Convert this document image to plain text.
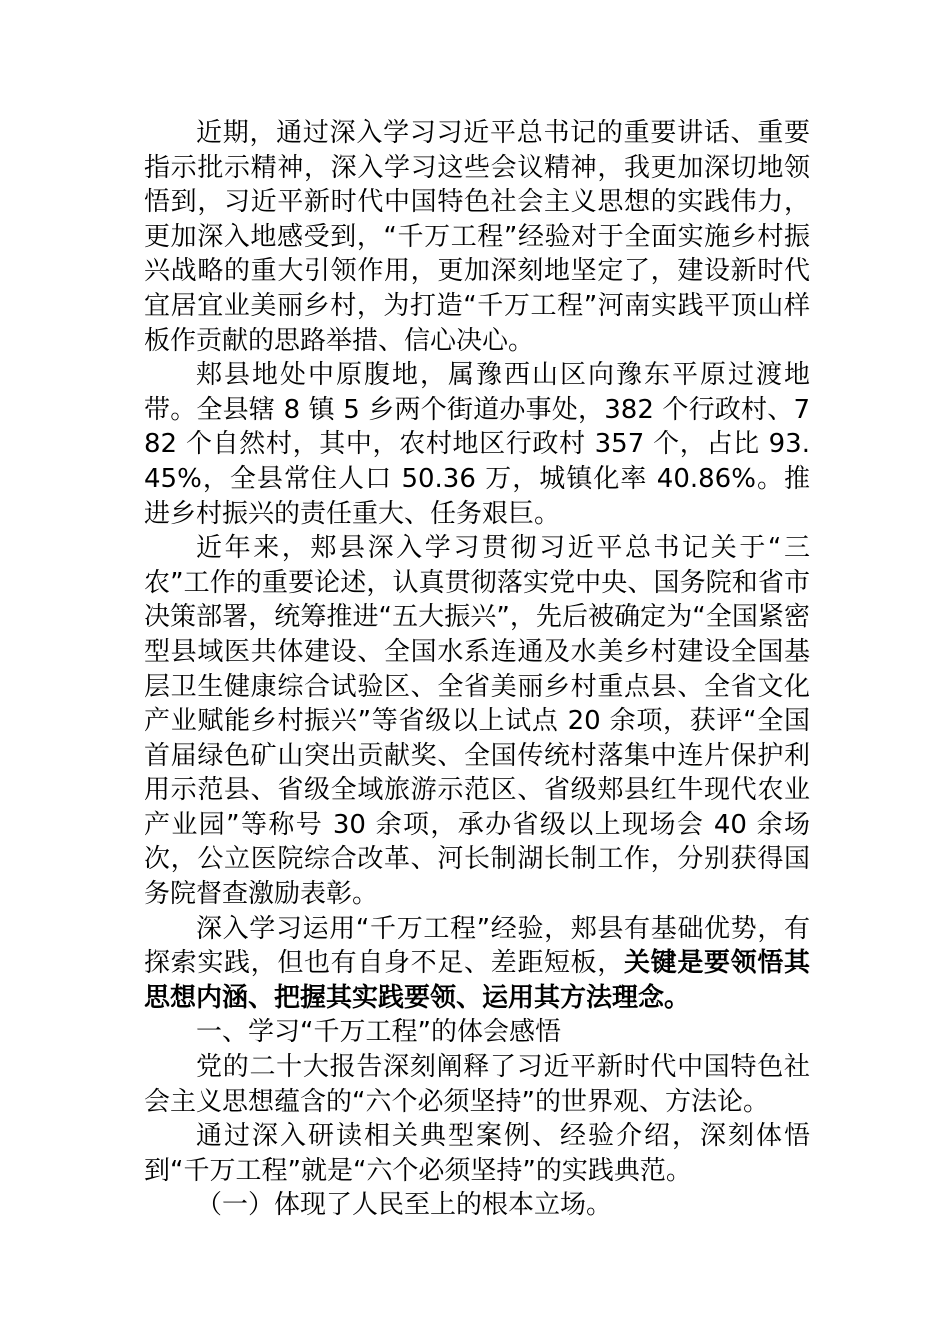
近期，通过深入学习习近平总书记的重要讲话、重要指示批示精神，深入学习这些会议精神，我更加深切地领悟到，习近平新时代中国特色社会主义思想的实践伟力，更加深入地感受到，“千万工程”经验对于全面实施乡村振兴战略的重大引领作用，更加深刻地坚定了，建设新时代宜居宜业美丽乡村，为打造“千万工程”河南实践平顶山样板作贡献的思路举措、信心决心。

郏县地处中原腹地，属豫西山区向豫东平原过渡地带。全县辖 8 镇 5 乡两个街道办事处，382 个行政村、782 个自然村，其中，农村地区行政村 357 个，占比 93.45%，全县常住人口 50.36 万，城镇化率 40.86%。推进乡村振兴的责任重大、任务艰巨。

近年来，郏县深入学习贯彻习近平总书记关于“三农”工作的重要论述，认真贯彻落实党中央、国务院和省市决策部署，统筹推进“五大振兴”，先后被确定为“全国紧密型县域医共体建设、全国水系连通及水美乡村建设全国基层卫生健康综合试验区、全省美丽乡村重点县、全省文化产业赋能乡村振兴”等省级以上试点 20 余项，获评“全国首届绿色矿山突出贡献奖、全国传统村落集中连片保护利用示范县、省级全域旅游示范区、省级郏县红牛现代农业产业园”等称号 30 余项，承办省级以上现场会 40 余场次，公立医院综合改革、河长制湖长制工作，分别获得国务院督查激励表彰。

深入学习运用“千万工程”经验，郏县有基础优势，有探索实践，但也有自身不足、差距短板，关键是要领悟其思想内涵、把握其实践要领、运用其方法理念。

一、学习“千万工程”的体会感悟

党的二十大报告深刻阐释了习近平新时代中国特色社会主义思想蕴含的“六个必须坚持”的世界观、方法论。

通过深入研读相关典型案例、经验介绍，深刻体悟到“千万工程”就是“六个必须坚持”的实践典范。

（一）体现了人民至上的根本立场。
